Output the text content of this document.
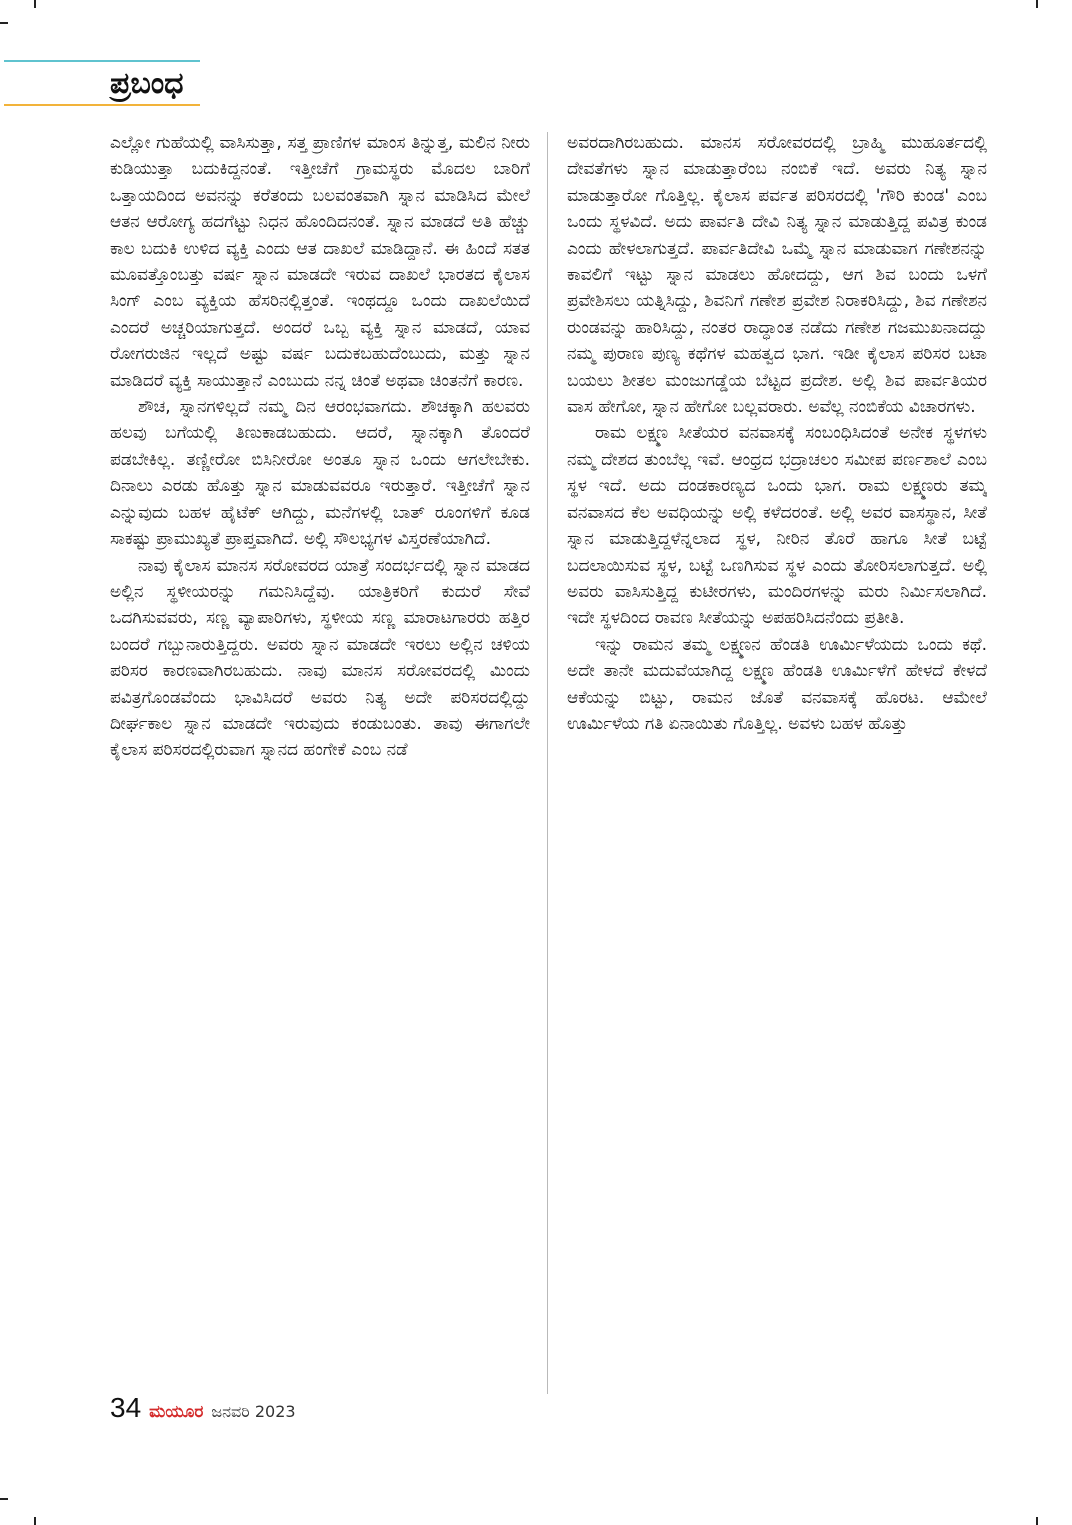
ಪ್ರಬಂಧ

ಎಲ್ಲೋ ಗುಹೆಯಲ್ಲಿ ವಾಸಿಸುತ್ತಾ, ಸತ್ತ ಪ್ರಾಣಿಗಳ ಮಾಂಸ ತಿನ್ನುತ್ತ, ಮಲಿನ ನೀರು ಕುಡಿಯುತ್ತಾ ಬದುಕಿದ್ದನಂತೆ. ಇತ್ತೀಚೆಗೆ ಗ್ರಾಮಸ್ಥರು ಮೊದಲ ಬಾರಿಗೆ ಒತ್ತಾಯದಿಂದ ಅವನನ್ನು ಕರೆತಂದು ಬಲವಂತವಾಗಿ ಸ್ನಾನ ಮಾಡಿಸಿದ ಮೇಲೆ ಆತನ ಆರೋಗ್ಯ ಹದಗೆಟ್ಟು ನಿಧನ ಹೊಂದಿದನಂತೆ. ಸ್ನಾನ ಮಾಡದೆ ಅತಿ ಹೆಚ್ಚು ಕಾಲ ಬದುಕಿ ಉಳಿದ ವ್ಯಕ್ತಿ ಎಂದು ಆತ ದಾಖಲೆ ಮಾಡಿದ್ದಾನೆ. ಈ ಹಿಂದೆ ಸತತ ಮೂವತ್ತೊಂಬತ್ತು ವರ್ಷ ಸ್ನಾನ ಮಾಡದೇ ಇರುವ ದಾಖಲೆ ಭಾರತದ ಕೈಲಾಸ ಸಿಂಗ್ ಎಂಬ ವ್ಯಕ್ತಿಯ ಹೆಸರಿನಲ್ಲಿತ್ತಂತೆ. ಇಂಥದ್ದೂ ಒಂದು ದಾಖಲೆಯಿದೆ ಎಂದರೆ ಅಚ್ಚರಿಯಾಗುತ್ತದೆ. ಅಂದರೆ ಒಬ್ಬ ವ್ಯಕ್ತಿ ಸ್ನಾನ ಮಾಡದೆ, ಯಾವ ರೋಗರುಜಿನ ಇಲ್ಲದೆ ಅಷ್ಟು ವರ್ಷ ಬದುಕಬಹುದೆಂಬುದು, ಮತ್ತು ಸ್ನಾನ ಮಾಡಿದರೆ ವ್ಯಕ್ತಿ ಸಾಯುತ್ತಾನೆ ಎಂಬುದು ನನ್ನ ಚಿಂತೆ ಅಥವಾ ಚಿಂತನೆಗೆ ಕಾರಣ.

ಶೌಚ, ಸ್ನಾನಗಳಿಲ್ಲದೆ ನಮ್ಮ ದಿನ ಆರಂಭವಾಗದು. ಶೌಚಕ್ಕಾಗಿ ಹಲವರು ಹಲವು ಬಗೆಯಲ್ಲಿ ತಿಣುಕಾಡಬಹುದು. ಆದರೆ, ಸ್ನಾನಕ್ಕಾಗಿ ತೊಂದರೆ ಪಡಬೇಕಿಲ್ಲ. ತಣ್ಣೀರೋ ಬಿಸಿನೀರೋ ಅಂತೂ ಸ್ನಾನ ಒಂದು ಆಗಲೇಬೇಕು. ದಿನಾಲು ಎರಡು ಹೊತ್ತು ಸ್ನಾನ ಮಾಡುವವರೂ ಇರುತ್ತಾರೆ. ಇತ್ತೀಚೆಗೆ ಸ್ನಾನ ಎನ್ನುವುದು ಬಹಳ ಹೈಟೆಕ್ ಆಗಿದ್ದು, ಮನೆಗಳಲ್ಲಿ ಬಾತ್ ರೂಂಗಳಿಗೆ ಕೂಡ ಸಾಕಷ್ಟು ಪ್ರಾಮುಖ್ಯತೆ ಪ್ರಾಪ್ತವಾಗಿದೆ. ಅಲ್ಲಿ ಸೌಲಭ್ಯಗಳ ವಿಸ್ತರಣೆಯಾಗಿದೆ.

ನಾವು ಕೈಲಾಸ ಮಾನಸ ಸರೋವರದ ಯಾತ್ರೆ ಸಂದರ್ಭದಲ್ಲಿ ಸ್ನಾನ ಮಾಡದ ಅಲ್ಲಿನ ಸ್ಥಳೀಯರನ್ನು ಗಮನಿಸಿದ್ದೆವು. ಯಾತ್ರಿಕರಿಗೆ ಕುದುರೆ ಸೇವೆ ಒದಗಿಸುವವರು, ಸಣ್ಣ ವ್ಯಾಪಾರಿಗಳು, ಸ್ಥಳೀಯ ಸಣ್ಣ ಮಾರಾಟಗಾರರು ಹತ್ತಿರ ಬಂದರೆ ಗಬ್ಬುನಾರುತ್ತಿದ್ದರು. ಅವರು ಸ್ನಾನ ಮಾಡದೇ ಇರಲು ಅಲ್ಲಿನ ಚಳಿಯ ಪರಿಸರ ಕಾರಣವಾಗಿರಬಹುದು. ನಾವು ಮಾನಸ ಸರೋವರದಲ್ಲಿ ಮಿಂದು ಪವಿತ್ರಗೊಂಡವೆಂದು ಭಾವಿಸಿದರೆ ಅವರು ನಿತ್ಯ ಅದೇ ಪರಿಸರದಲ್ಲಿದ್ದು ದೀರ್ಘಕಾಲ ಸ್ನಾನ ಮಾಡದೇ ಇರುವುದು ಕಂಡುಬಂತು. ತಾವು ಈಗಾಗಲೇ ಕೈಲಾಸ ಪರಿಸರದಲ್ಲಿರುವಾಗ ಸ್ನಾನದ ಹಂಗೇಕೆ ಎಂಬ ನಡೆ

ಅವರದಾಗಿರಬಹುದು. ಮಾನಸ ಸರೋವರದಲ್ಲಿ ಬ್ರಾಹ್ಮಿ ಮುಹೂರ್ತದಲ್ಲಿ ದೇವತೆಗಳು ಸ್ನಾನ ಮಾಡುತ್ತಾರೆಂಬ ನಂಬಿಕೆ ಇದೆ. ಅವರು ನಿತ್ಯ ಸ್ನಾನ ಮಾಡುತ್ತಾರೋ ಗೊತ್ತಿಲ್ಲ. ಕೈಲಾಸ ಪರ್ವತ ಪರಿಸರದಲ್ಲಿ 'ಗೌರಿ ಕುಂಡ' ಎಂಬ ಒಂದು ಸ್ಥಳವಿದೆ. ಅದು ಪಾರ್ವತಿ ದೇವಿ ನಿತ್ಯ ಸ್ನಾನ ಮಾಡುತ್ತಿದ್ದ ಪವಿತ್ರ ಕುಂಡ ಎಂದು ಹೇಳಲಾಗುತ್ತದೆ. ಪಾರ್ವತಿದೇವಿ ಒಮ್ಮೆ ಸ್ನಾನ ಮಾಡುವಾಗ ಗಣೇಶನನ್ನು ಕಾವಲಿಗೆ ಇಟ್ಟು ಸ್ನಾನ ಮಾಡಲು ಹೋದದ್ದು, ಆಗ ಶಿವ ಬಂದು ಒಳಗೆ ಪ್ರವೇಶಿಸಲು ಯತ್ನಿಸಿದ್ದು, ಶಿವನಿಗೆ ಗಣೇಶ ಪ್ರವೇಶ ನಿರಾಕರಿಸಿದ್ದು, ಶಿವ ಗಣೇಶನ ರುಂಡವನ್ನು ಹಾರಿಸಿದ್ದು, ನಂತರ ರಾದ್ಧಾಂತ ನಡೆದು ಗಣೇಶ ಗಜಮುಖನಾದದ್ದು ನಮ್ಮ ಪುರಾಣ ಪುಣ್ಯ ಕಥೆಗಳ ಮಹತ್ವದ ಭಾಗ. ಇಡೀ ಕೈಲಾಸ ಪರಿಸರ ಬಟಾ ಬಯಲು ಶೀತಲ ಮಂಜುಗಡ್ಡೆಯ ಬೆಟ್ಟದ ಪ್ರದೇಶ. ಅಲ್ಲಿ ಶಿವ ಪಾರ್ವತಿಯರ ವಾಸ ಹೇಗೋ, ಸ್ನಾನ ಹೇಗೋ ಬಲ್ಲವರಾರು. ಅವೆಲ್ಲ ನಂಬಿಕೆಯ ವಿಚಾರಗಳು.

ರಾಮ ಲಕ್ಷ್ಮಣ ಸೀತೆಯರ ವನವಾಸಕ್ಕೆ ಸಂಬಂಧಿಸಿದಂತೆ ಅನೇಕ ಸ್ಥಳಗಳು ನಮ್ಮ ದೇಶದ ತುಂಬೆಲ್ಲ ಇವೆ. ಆಂಧ್ರದ ಭದ್ರಾಚಲಂ ಸಮೀಪ ಪರ್ಣಶಾಲೆ ಎಂಬ ಸ್ಥಳ ಇದೆ. ಅದು ದಂಡಕಾರಣ್ಯದ ಒಂದು ಭಾಗ. ರಾಮ ಲಕ್ಷ್ಮಣರು ತಮ್ಮ ವನವಾಸದ ಕೆಲ ಅವಧಿಯನ್ನು ಅಲ್ಲಿ ಕಳೆದರಂತೆ. ಅಲ್ಲಿ ಅವರ ವಾಸಸ್ಥಾನ, ಸೀತೆ ಸ್ನಾನ ಮಾಡುತ್ತಿದ್ದಳೆನ್ನಲಾದ ಸ್ಥಳ, ನೀರಿನ ತೊರೆ ಹಾಗೂ ಸೀತೆ ಬಟ್ಟೆ ಬದಲಾಯಿಸುವ ಸ್ಥಳ, ಬಟ್ಟೆ ಒಣಗಿಸುವ ಸ್ಥಳ ಎಂದು ತೋರಿಸಲಾಗುತ್ತದೆ. ಅಲ್ಲಿ ಅವರು ವಾಸಿಸುತ್ತಿದ್ದ ಕುಟೀರಗಳು, ಮಂದಿರಗಳನ್ನು ಮರು ನಿರ್ಮಿಸಲಾಗಿದೆ. ಇದೇ ಸ್ಥಳದಿಂದ ರಾವಣ ಸೀತೆಯನ್ನು ಅಪಹರಿಸಿದನೆಂದು ಪ್ರತೀತಿ.

ಇನ್ನು ರಾಮನ ತಮ್ಮ ಲಕ್ಷ್ಮಣನ ಹೆಂಡತಿ ಊರ್ಮಿಳೆಯದು ಒಂದು ಕಥೆ. ಅದೇ ತಾನೇ ಮದುವೆಯಾಗಿದ್ದ ಲಕ್ಷ್ಮಣ ಹೆಂಡತಿ ಊರ್ಮಿಳೆಗೆ ಹೇಳದೆ ಕೇಳದೆ ಆಕೆಯನ್ನು ಬಿಟ್ಟು, ರಾಮನ ಜೊತೆ ವನವಾಸಕ್ಕೆ ಹೊರಟ. ಆಮೇಲೆ ಊರ್ಮಿಳೆಯ ಗತಿ ಏನಾಯಿತು ಗೊತ್ತಿಲ್ಲ. ಅವಳು ಬಹಳ ಹೊತ್ತು

34 ಮಯೂರ ಜನವರಿ 2023
